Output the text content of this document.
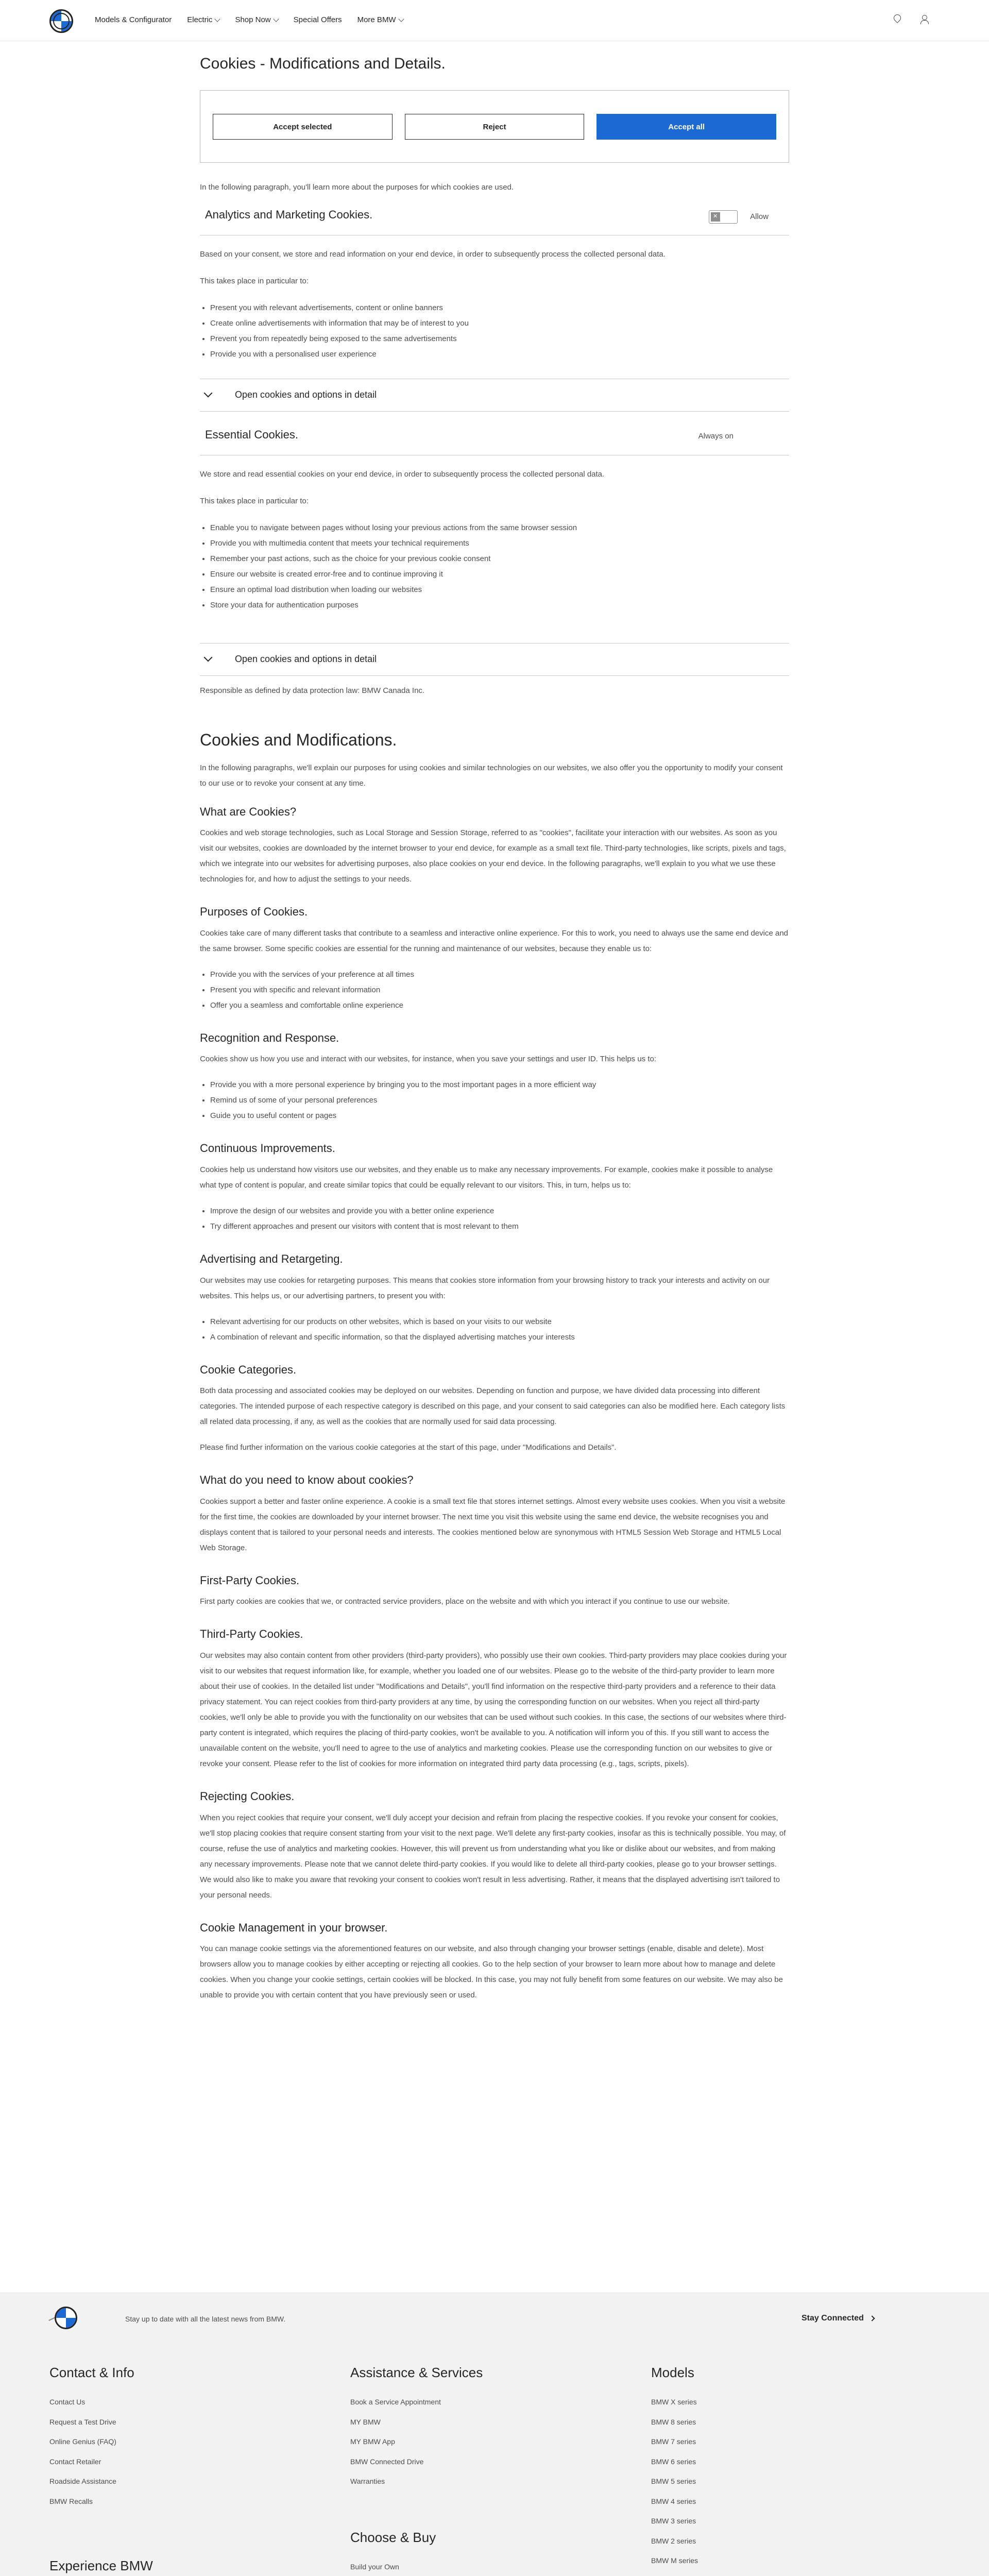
Models & Configurator Electric	Shop Now	Special Offers More BMW
Cookies - Modifications and Details.
Accept selected	Reject	Accept all

In the following paragraph, you'll learn more about the purposes for which cookies are used.

Analytics and Marketing Cookies.	✕	Allow

Based on your consent, we store and read information on your end device, in order to subsequently process the collected personal data.

This takes place in particular to:

• Present you with relevant advertisements, content or online banners
• Create online advertisements with information that may be of interest to you
• Prevent you from repeatedly being exposed to the same advertisements
• Provide you with a personalised user experience
Open cookies and options in detail
Essential Cookies.	Always on

We store and read essential cookies on your end device, in order to subsequently process the collected personal data.

This takes place in particular to:

• Enable you to navigate between pages without losing your previous actions from the same browser session
• Provide you with multimedia content that meets your technical requirements
• Remember your past actions, such as the choice for your previous cookie consent
• Ensure our website is created error-free and to continue improving it
• Ensure an optimal load distribution when loading our websites
• Store your data for authentication purposes
Open cookies and options in detail

Responsible as defined by data protection law: BMW Canada Inc.

Cookies and Modifications.

In the following paragraphs, we'll explain our purposes for using cookies and similar technologies on our websites, we also offer you the opportunity to modify your consent to our use or to revoke your consent at any time.

What are Cookies?

Cookies and web storage technologies, such as Local Storage and Session Storage, referred to as "cookies", facilitate your interaction with our websites. As soon as you visit our websites, cookies are downloaded by the internet browser to your end device, for example as a small text file. Third-party technologies, like scripts, pixels and tags, which we integrate into our websites for advertising purposes, also place cookies on your end device. In the following paragraphs, we'll explain to you what we use these technologies for, and how to adjust the settings to your needs.

Purposes of Cookies.

Cookies take care of many different tasks that contribute to a seamless and interactive online experience. For this to work, you need to always use the same end device and the same browser. Some specific cookies are essential for the running and maintenance of our websites, because they enable us to:

• Provide you with the services of your preference at all times
• Present you with specific and relevant information
• Offer you a seamless and comfortable online experience
Recognition and Response.

Cookies show us how you use and interact with our websites, for instance, when you save your settings and user ID. This helps us to:

• Provide you with a more personal experience by bringing you to the most important pages in a more efficient way
• Remind us of some of your personal preferences
• Guide you to useful content or pages
Continuous Improvements.

Cookies help us understand how visitors use our websites, and they enable us to make any necessary improvements. For example, cookies make it possible to analyse what type of content is popular, and create similar topics that could be equally relevant to our visitors. This, in turn, helps us to:

• Improve the design of our websites and provide you with a better online experience
• Try different approaches and present our visitors with content that is most relevant to them
Advertising and Retargeting.

Our websites may use cookies for retargeting purposes. This means that cookies store information from your browsing history to track your interests and activity on our websites. This helps us, or our advertising partners, to present you with:

• Relevant advertising for our products on other websites, which is based on your visits to our website
• A combination of relevant and specific information, so that the displayed advertising matches your interests
Cookie Categories.

Both data processing and associated cookies may be deployed on our websites. Depending on function and purpose, we have divided data processing into different categories. The intended purpose of each respective category is described on this page, and your consent to said categories can also be modified here. Each category lists all related data processing, if any, as well as the cookies that are normally used for said data processing.

Please find further information on the various cookie categories at the start of this page, under "Modifications and Details".

What do you need to know about cookies?

Cookies support a better and faster online experience. A cookie is a small text file that stores internet settings. Almost every website uses cookies. When you visit a website for the first time, the cookies are downloaded by your internet browser. The next time you visit this website using the same end device, the website recognises you and displays content that is tailored to your personal needs and interests. The cookies mentioned below are synonymous with HTML5 Session Web Storage and HTML5 Local Web Storage.

First-Party Cookies.

First party cookies are cookies that we, or contracted service providers, place on the website and with which you interact if you continue to use our website.

Third-Party Cookies.

Our websites may also contain content from other providers (third-party providers), who possibly use their own cookies. Third-party providers may place cookies during your visit to our websites that request information like, for example, whether you loaded one of our websites. Please go to the website of the third-party provider to learn more about their use of cookies. In the detailed list under "Modifications and Details", you'll find information on the respective third-party providers and a reference to their data privacy statement. You can reject cookies from third-party providers at any time, by using the corresponding function on our websites. When you reject all third-party cookies, we'll only be able to provide you with the functionality on our websites that can be used without such cookies. In this case, the sections of our websites where third-party content is integrated, which requires the placing of third-party cookies, won't be available to you. A notification will inform you of this. If you still want to access the unavailable content on the website, you'll need to agree to the use of analytics and marketing cookies. Please use the corresponding function on our websites to give or revoke your consent. Please refer to the list of cookies for more information on integrated third party data processing (e.g., tags, scripts, pixels).

Rejecting Cookies.

When you reject cookies that require your consent, we'll duly accept your decision and refrain from placing the respective cookies. If you revoke your consent for cookies, we'll stop placing cookies that require consent starting from your visit to the next page. We'll delete any first-party cookies, insofar as this is technically possible. You may, of course, refuse the use of analytics and marketing cookies. However, this will prevent us from understanding what you like or dislike about our websites, and from making any necessary improvements. Please note that we cannot delete third-party cookies. If you would like to delete all third-party cookies, please go to your browser settings. We would also like to make you aware that revoking your consent to cookies won't result in less advertising. Rather, it means that the displayed advertising isn't tailored to your personal needs.

Cookie Management in your browser.

You can manage cookie settings via the aforementioned features on our website, and also through changing your browser settings (enable, disable and delete). Most browsers allow you to manage cookies by either accepting or rejecting all cookies. Go to the help section of your browser to learn more about how to manage and delete cookies. When you change your cookie settings, certain cookies will be blocked. In this case, you may not fully benefit from some features on our website. We may also be unable to provide you with certain content that you have previously seen or used.

Stay up to date with all the latest news from BMW.	Stay Connected
Contact & Info
Contact Us
Request a Test Drive
Online Genius (FAQ)
Contact Retailer
Roadside Assistance
BMW Recalls
Assistance & Services
Book a Service Appointment
MY BMW
MY BMW App
BMW Connected Drive
Warranties
Models
BMW X series
BMW 8 series
BMW 7 series
BMW 6 series
BMW 5 series
BMW 4 series
BMW 3 series
BMW 2 series
BMW M series
Experience BMW
Choose & Buy
Build your Own
